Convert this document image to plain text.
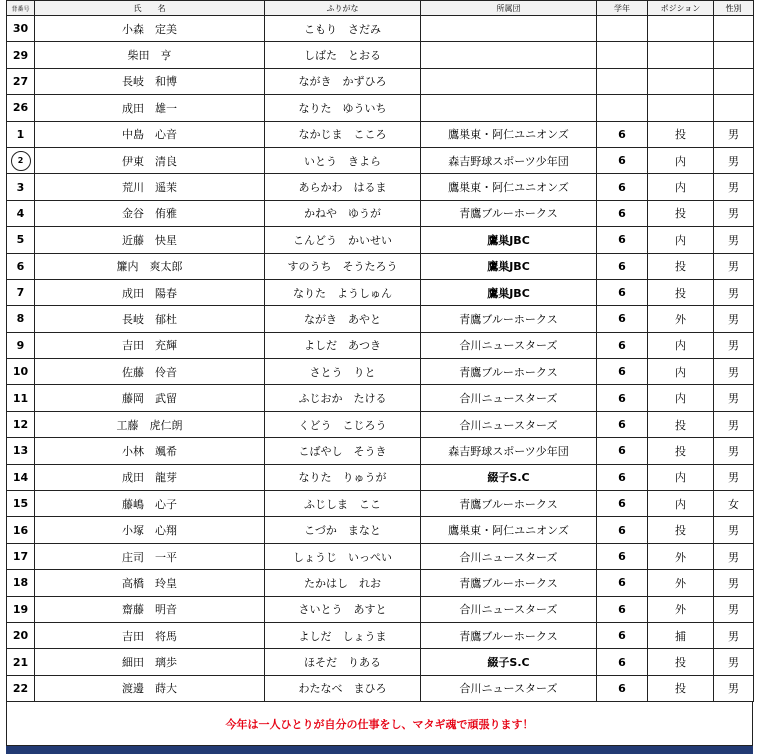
背番号	氏　　名	ふりがな	所属団	学年	ポジション	性別
30	小森　定美	こもり　さだみ				
29	柴田　亨	しばた　とおる				
27	長岐　和博	ながき　かずひろ				
26	成田　雄一	なりた　ゆういち				
1	中島　心音	なかじま　こころ	鷹巣東・阿仁ユニオンズ	6	投	男
2	伊東　清良	いとう　きよら	森吉野球スポーツ少年団	6	内	男
3	荒川　遥茉	あらかわ　はるま	鷹巣東・阿仁ユニオンズ	6	内	男
4	金谷　侑雅	かねや　ゆうが	青鷹ブルーホークス	6	投	男
5	近藤　快星	こんどう　かいせい	鷹巣JBC	6	内	男
6	簾内　爽太郎	すのうち　そうたろう	鷹巣JBC	6	投	男
7	成田　陽春	なりた　ようしゅん	鷹巣JBC	6	投	男
8	長岐　郁杜	ながき　あやと	青鷹ブルーホークス	6	外	男
9	吉田　充輝	よしだ　あつき	合川ニュースターズ	6	内	男
10	佐藤　伶音	さとう　りと	青鷹ブルーホークス	6	内	男
11	藤岡　武留	ふじおか　たける	合川ニュースターズ	6	内	男
12	工藤　虎仁朗	くどう　こじろう	合川ニュースターズ	6	投	男
13	小林　颯希	こばやし　そうき	森吉野球スポーツ少年団	6	投	男
14	成田　龍芽	なりた　りゅうが	綴子S.C	6	内	男
15	藤嶋　心子	ふじしま　ここ	青鷹ブルーホークス	6	内	女
16	小塚　心翔	こづか　まなと	鷹巣東・阿仁ユニオンズ	6	投	男
17	庄司　一平	しょうじ　いっぺい	合川ニュースターズ	6	外	男
18	高橋　玲皇	たかはし　れお	青鷹ブルーホークス	6	外	男
19	齋藤　明音	さいとう　あすと	合川ニュースターズ	6	外	男
20	吉田　将馬	よしだ　しょうま	青鷹ブルーホークス	6	捕	男
21	細田　璃歩	ほそだ　りある	綴子S.C	6	投	男
22	渡邊　蒔大	わたなべ　まひろ	合川ニュースターズ	6	投	男
今年は一人ひとりが自分の仕事をし、マタギ魂で頑張ります！
